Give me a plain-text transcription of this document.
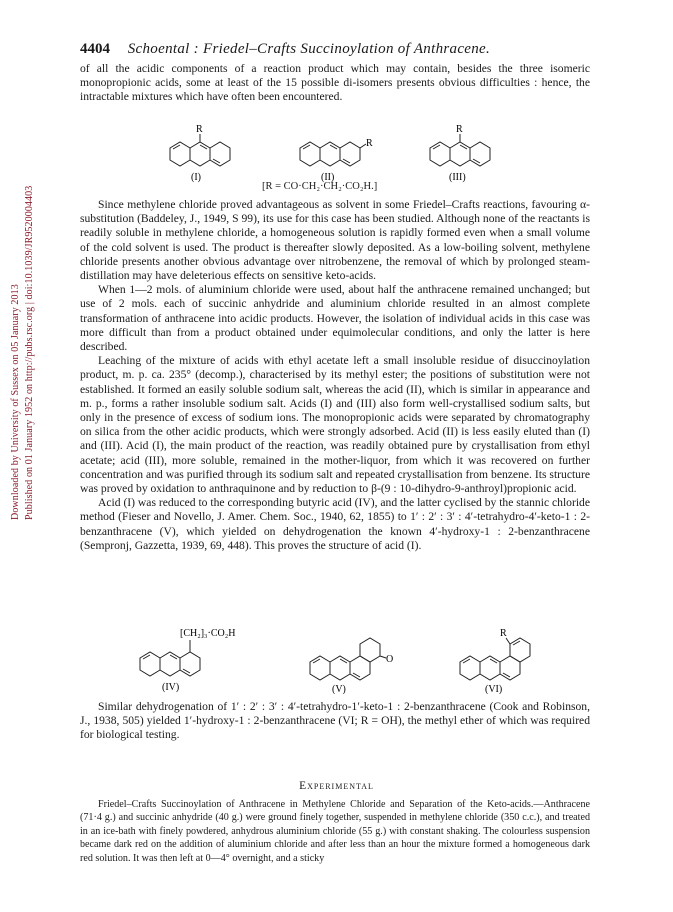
4404 Schoental : Friedel–Crafts Succinoylation of Anthracene.
Downloaded by University of Sussex on 05 January 2013 Published on 01 January 1952 on http://pubs.rsc.org | doi:10.1039/JR9520004403

of all the acidic components of a reaction product which may contain, besides the three isomeric monopropionic acids, some at least of the 15 possible di-isomers presents obvious difficulties : hence, the intractable mixtures which have often been encountered.

R
(I)
R
(II)
R
(III)
[R = CO·CH₂·CH₂·CO₂H.]

Since methylene chloride proved advantageous as solvent in some Friedel–Crafts reactions, favouring α-substitution (Baddeley, J., 1949, S 99), its use for this case has been studied. Although none of the reactants is readily soluble in methylene chloride, a homogeneous solution is rapidly formed even when a small volume of the cold solvent is used. The product is thereafter slowly deposited. As a low-boiling solvent, methylene chloride presents another obvious advantage over nitrobenzene, the removal of which by prolonged steam-distillation may have deleterious effects on sensitive keto-acids.

When 1—2 mols. of aluminium chloride were used, about half the anthracene remained unchanged; but use of 2 mols. each of succinic anhydride and aluminium chloride resulted in an almost complete transformation of anthracene into acidic products. However, the isolation of individual acids in this case was more difficult than from a product obtained under equimolecular conditions, and only the latter is here described.

Leaching of the mixture of acids with ethyl acetate left a small insoluble residue of disuccinoylation product, m. p. ca. 235° (decomp.), characterised by its methyl ester; the positions of substitution were not established. It formed an easily soluble sodium salt, whereas the acid (II), which is similar in appearance and m. p., forms a rather insoluble sodium salt. Acids (I) and (III) also form well-crystallised sodium salts, but only in the presence of excess of sodium ions. The monopropionic acids were separated by chromatography on silica from the other acidic products, which were strongly adsorbed. Acid (II) is less easily eluted than (I) and (III). Acid (I), the main product of the reaction, was readily obtained pure by crystallisation from ethyl acetate; acid (III), more soluble, remained in the mother-liquor, from which it was recovered on further concentration and was purified through its sodium salt and repeated crystallisation from benzene. Its structure was proved by oxidation to anthraquinone and by reduction to β-(9 : 10-dihydro-9-anthroyl)propionic acid.

Acid (I) was reduced to the corresponding butyric acid (IV), and the latter cyclised by the stannic chloride method (Fieser and Novello, J. Amer. Chem. Soc., 1940, 62, 1855) to 1′ : 2′ : 3′ : 4′-tetrahydro-4′-keto-1 : 2-benzanthracene (V), which yielded on dehydrogenation the known 4′-hydroxy-1 : 2-benzanthracene (Sempronj, Gazzetta, 1939, 69, 448). This proves the structure of acid (I).

[CH₂]₃·CO₂H
(IV)
O
(V)
R
(VI)

Similar dehydrogenation of 1′ : 2′ : 3′ : 4′-tetrahydro-1′-keto-1 : 2-benzanthracene (Cook and Robinson, J., 1938, 505) yielded 1′-hydroxy-1 : 2-benzanthracene (VI; R = OH), the methyl ether of which was required for biological testing.

Experimental

Friedel–Crafts Succinoylation of Anthracene in Methylene Chloride and Separation of the Keto-acids.—Anthracene (71·4 g.) and succinic anhydride (40 g.) were ground finely together, suspended in methylene chloride (350 c.c.), and treated in an ice-bath with finely powdered, anhydrous aluminium chloride (55 g.) with constant shaking. The colourless suspension became dark red on the addition of aluminium chloride and after less than an hour the mixture formed a homogeneous dark red solution. It was then left at 0—4° overnight, and a sticky
